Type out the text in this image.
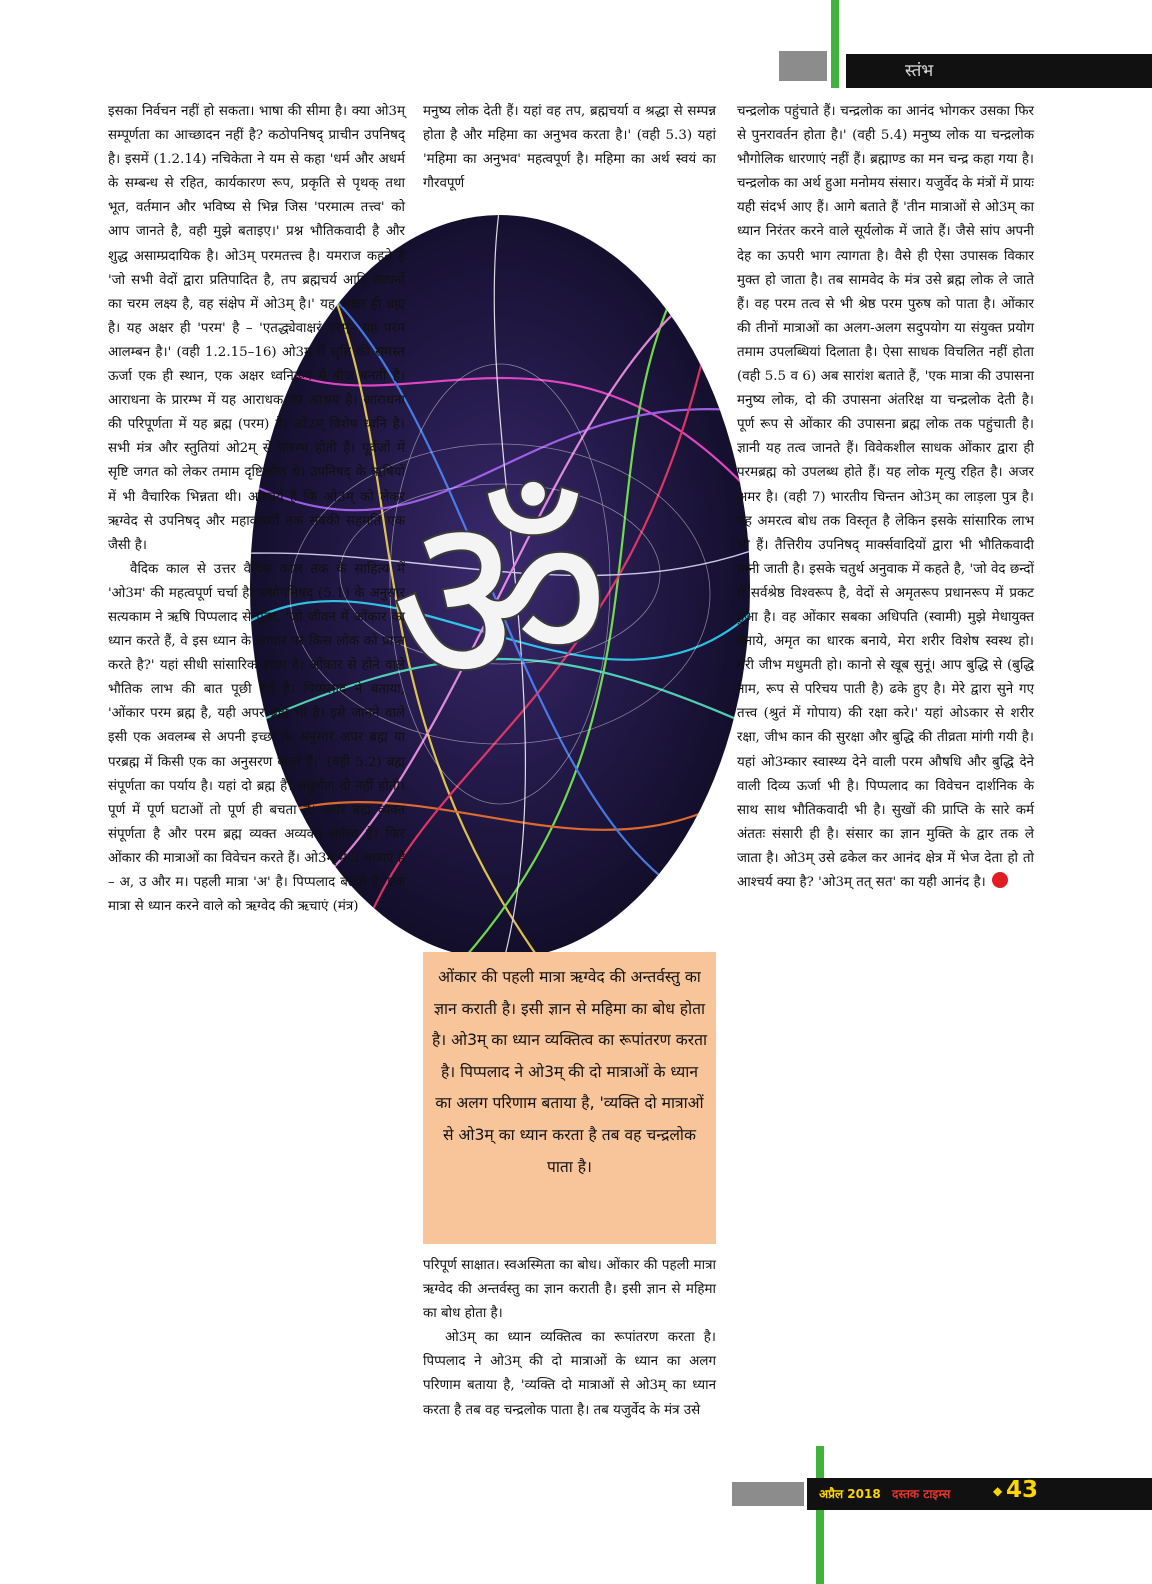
स्तंभ
ॐ

इसका निर्वचन नहीं हो सकता। भाषा की सीमा है। क्या ओ3म् सम्पूर्णता का आच्छादन नहीं है? कठोपनिषद् प्राचीन उपनिषद् है। इसमें (1.2.14) नचिकेता ने यम से कहा 'धर्म और अधर्म के सम्बन्ध से रहित, कार्यकारण रूप, प्रकृति से पृथक् तथा भूत, वर्तमान और भविष्य से भिन्न जिस 'परमात्म तत्त्व' को आप जानते है, वही मुझे बताइए।' प्रश्न भौतिकवादी है और शुद्ध असाम्प्रदायिक है। ओ3म् परमतत्त्व है। यमराज कहते है 'जो सभी वेदों द्वारा प्रतिपादित है, तप ब्रह्मचर्य आदि साधनों का चरम लक्ष्य है, वह संक्षेप में ओ3म् है।' यह अक्षर ही ब्रह्म है। यह अक्षर ही 'परम' है – 'एतद्ध्येवाक्षरं परम्– यह परम आलम्बन है।' (वही 1.2.15–16) ओ3म् में सृष्टि की समस्त ऊर्जा एक ही स्थान, एक अक्षर ध्वनिरूप में बीज बनती है। आराधना के प्रारम्भ में यह आराधक का आश्रय है। आराधना की परिपूर्णता में यह ब्रह्म (परम) है। ओ2म् विशेष ध्वनि है। सभी मंत्र और स्तुतियां ओ2म् से प्रारम्भ होती हैं। पूर्वजों में सृष्टि जगत को लेकर तमाम दृष्टिकोण थे। उपनिषद् के ऋषियों में भी वैचारिक भिन्नता थी। आश्चर्य है कि ओ3म् को लेकर ऋग्वेद से उपनिषद् और महाकाव्यों तक सबकी सहमति एक जैसी है।

वैदिक काल से उत्तर वैदिक काल तक के साहित्य में 'ओ3म' की महत्वपूर्ण चर्चा है। प्रश्नोपनिषद् (5.1) के अनुसार सत्यकाम ने ऋषि पिप्पलाद से पूछा, 'जो जीवन में ओंकार का ध्यान करते हैं, वे इस ध्यान के आधार पर किस लोक को प्राप्त करते है?' यहां सीधी सांसारिक इच्छा है। ओंकार से होने वाले भौतिक लाभ की बात पूछी गई है। पिप्पलाद ने बताया, 'ओंकार परम ब्रह्म है, यही अपर ब्रह्म भी है। इसे जानने वाले इसी एक अवलम्ब से अपनी इच्छा के अनुसार अपर ब्रह्म या परब्रह्म में किसी एक का अनुसरण करते हैं।' (वही 5.2) ब्रह्म संपूर्णता का पर्याय है। यहां दो ब्रह्म हैं। संपूर्णता दो नहीं होती। पूर्ण में पूर्ण घटाओं तो पूर्ण ही बचता है। अपर ब्रह्म व्यक्त संपूर्णता है और परम ब्रह्म व्यक्त अव्यक्त सर्वस्व है। फिर ओंकार की मात्राओं का विवेचन करते हैं। ओ3म् में 3 मात्राएं हैं – अ, उ और म। पहली मात्रा 'अ' है। पिप्पलाद बताते हैं 'एक मात्रा से ध्यान करने वाले को ऋग्वेद की ऋचाएं (मंत्र)

मनुष्य लोक देती हैं। यहां वह तप, ब्रह्मचर्या व श्रद्धा से सम्पन्न होता है और महिमा का अनुभव करता है।' (वही 5.3) यहां 'महिमा का अनुभव' महत्वपूर्ण है। महिमा का अर्थ स्वयं का गौरवपूर्ण

परिपूर्ण साक्षात। स्वअस्मिता का बोध। ओंकार की पहली मात्रा ऋग्वेद की अन्तर्वस्तु का ज्ञान कराती है। इसी ज्ञान से महिमा का बोध होता है।

ओ3म् का ध्यान व्यक्तित्व का रूपांतरण करता है। पिप्पलाद ने ओ3म् की दो मात्राओं के ध्यान का अलग परिणाम बताया है, 'व्यक्ति दो मात्राओं से ओ3म् का ध्यान करता है तब वह चन्द्रलोक पाता है। तब यजुर्वेद के मंत्र उसे

चन्द्रलोक पहुंचाते हैं। चन्द्रलोक का आनंद भोगकर उसका फिर से पुनरावर्तन होता है।' (वही 5.4) मनुष्य लोक या चन्द्रलोक भौगोलिक धारणाएं नहीं हैं। ब्रह्माण्ड का मन चन्द्र कहा गया है। चन्द्रलोक का अर्थ हुआ मनोमय संसार। यजुर्वेद के मंत्रों में प्रायः यही संदर्भ आए हैं। आगे बताते हैं 'तीन मात्राओं से ओ3म् का ध्यान निरंतर करने वाले सूर्यलोक में जाते हैं। जैसे सांप अपनी देह का ऊपरी भाग त्यागता है। वैसे ही ऐसा उपासक विकार मुक्त हो जाता है। तब सामवेद के मंत्र उसे ब्रह्म लोक ले जाते हैं। वह परम तत्व से भी श्रेष्ठ परम पुरुष को पाता है। ओंकार की तीनों मात्राओं का अलग-अलग सदुपयोग या संयुक्त प्रयोग तमाम उपलब्धियां दिलाता है। ऐसा साधक विचलित नहीं होता (वही 5.5 व 6) अब सारांश बताते हैं, 'एक मात्रा की उपासना मनुष्य लोक, दो की उपासना अंतरिक्ष या चन्द्रलोक देती है। पूर्ण रूप से ओंकार की उपासना ब्रह्म लोक तक पहुंचाती है। ज्ञानी यह तत्व जानते हैं। विवेकशील साधक ओंकार द्वारा ही परमब्रह्म को उपलब्ध होते हैं। यह लोक मृत्यु रहित है। अजर अमर है। (वही 7) भारतीय चिन्तन ओ3म् का लाड़ला पुत्र है। यह अमरत्व बोध तक विस्तृत है लेकिन इसके सांसारिक लाभ भी हैं। तैत्तिरीय उपनिषद् मार्क्सवादियों द्वारा भी भौतिकवादी मानी जाती है। इसके चतुर्थ अनुवाक में कहते है, 'जो वेद छन्दों में सर्वश्रेष्ठ विश्वरूप है, वेदों से अमृतरूप प्रधानरूप में प्रकट हुआ है। वह ओंकार सबका अधिपति (स्वामी) मुझे मेधायुक्त बनाये, अमृत का धारक बनाये, मेरा शरीर विशेष स्वस्थ हो। मेरी जीभ मधुमती हो। कानो से खूब सुनूं। आप बुद्धि से (बुद्धि नाम, रूप से परिचय पाती है) ढके हुए है। मेरे द्वारा सुने गए तत्त्व (श्रुतं में गोपाय) की रक्षा करे।' यहां ओऽकार से शरीर रक्षा, जीभ कान की सुरक्षा और बुद्धि की तीव्रता मांगी गयी है। यहां ओ3म्कार स्वास्थ्य देने वाली परम औषधि और बुद्धि देने वाली दिव्य ऊर्जा भी है। पिप्पलाद का विवेचन दार्शनिक के साथ साथ भौतिकवादी भी है। सुखों की प्राप्ति के सारे कर्म अंततः संसारी ही है। संसार का ज्ञान मुक्ति के द्वार तक ले जाता है। ओ3म् उसे ढकेल कर आनंद क्षेत्र में भेज देता हो तो आश्चर्य क्या है? 'ओ3म् तत् सत' का यही आनंद है।

ओंकार की पहली मात्रा ऋग्वेद की अन्तर्वस्तु का ज्ञान कराती है। इसी ज्ञान से महिमा का बोध होता है। ओ3म् का ध्यान व्यक्तित्व का रूपांतरण करता है। पिप्पलाद ने ओ3म् की दो मात्राओं के ध्यान का अलग परिणाम बताया है, 'व्यक्ति दो मात्राओं से ओ3म् का ध्यान करता है तब वह चन्द्रलोक पाता है।

अप्रैल 2018 दस्तक टाइम्स	◆ 43
